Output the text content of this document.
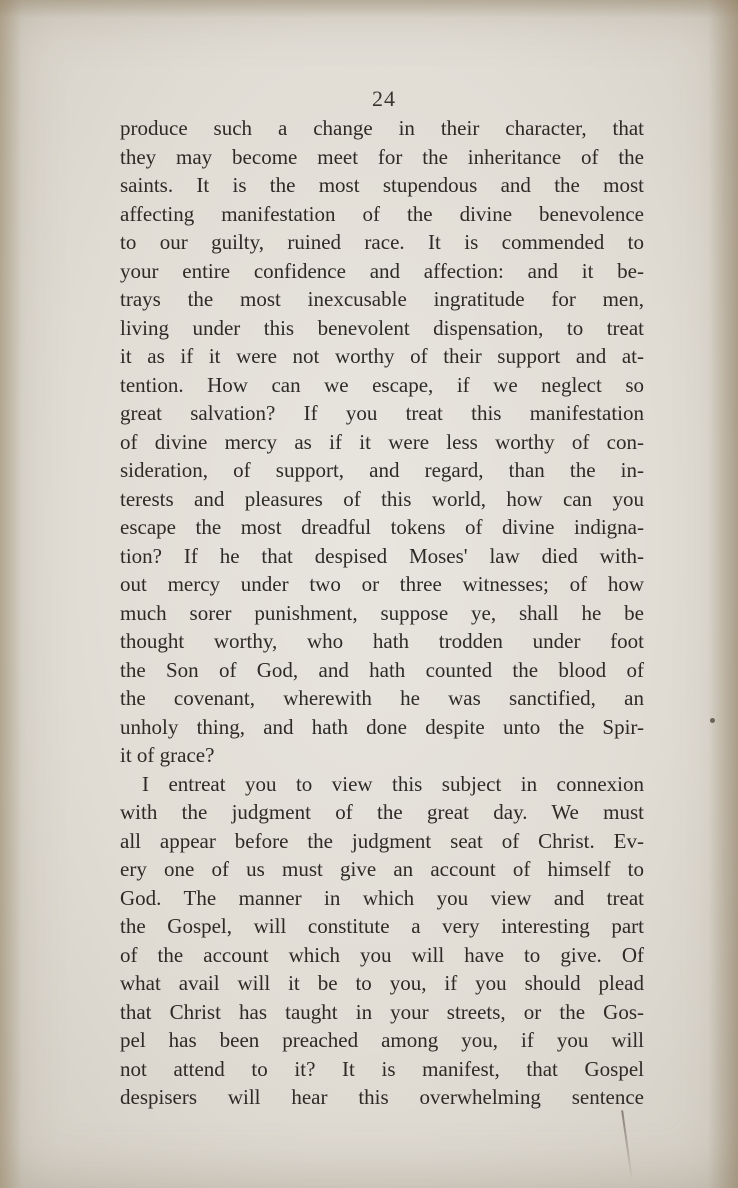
24
produce such a change in their character, that
they may become meet for the inheritance of the
saints. It is the most stupendous and the most
affecting manifestation of the divine benevolence
to our guilty, ruined race. It is commended to
your entire confidence and affection: and it be-
trays the most inexcusable ingratitude for men,
living under this benevolent dispensation, to treat
it as if it were not worthy of their support and at-
tention. How can we escape, if we neglect so
great salvation? If you treat this manifestation
of divine mercy as if it were less worthy of con-
sideration, of support, and regard, than the in-
terests and pleasures of this world, how can you
escape the most dreadful tokens of divine indigna-
tion? If he that despised Moses' law died with-
out mercy under two or three witnesses; of how
much sorer punishment, suppose ye, shall he be
thought worthy, who hath trodden under foot
the Son of God, and hath counted the blood of
the covenant, wherewith he was sanctified, an
unholy thing, and hath done despite unto the Spir-
it of grace?
I entreat you to view this subject in connexion
with the judgment of the great day. We must
all appear before the judgment seat of Christ. Ev-
ery one of us must give an account of himself to
God. The manner in which you view and treat
the Gospel, will constitute a very interesting part
of the account which you will have to give. Of
what avail will it be to you, if you should plead
that Christ has taught in your streets, or the Gos-
pel has been preached among you, if you will
not attend to it? It is manifest, that Gospel
despisers will hear this overwhelming sentence
